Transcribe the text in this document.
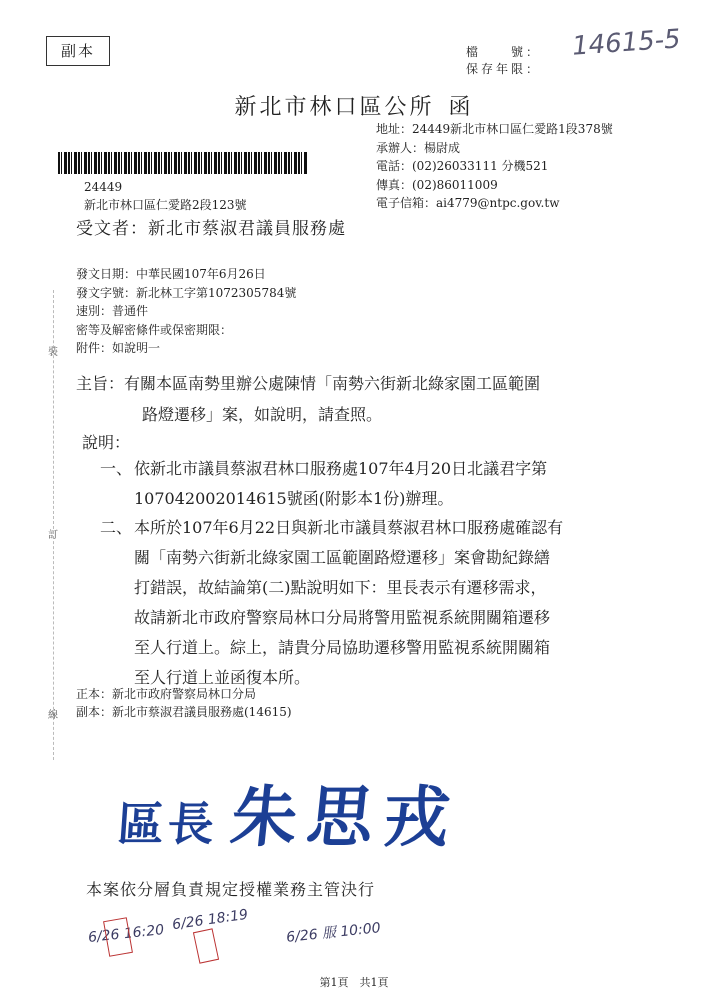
副本	檔　　號：
保存年限：
14615-5
新北市林口區公所 函
地址：24449新北市林口區仁愛路1段378號
承辦人：楊尉成
電話：(02)26033111 分機521
傳真：(02)86011009
電子信箱：ai4779@ntpc.gov.tw
24449
新北市林口區仁愛路2段123號
受文者：新北市蔡淑君議員服務處
發文日期：中華民國107年6月26日
發文字號：新北林工字第1072305784號
速別：普通件
密等及解密條件或保密期限：
附件：如說明一
裝
訂
線
主旨：有關本區南勢里辦公處陳情「南勢六街新北綠家園工區範圍
路燈遷移」案，如說明，請查照。
說明：
一、 依新北市議員蔡淑君林口服務處107年4月20日北議君字第
107042002014615號函(附影本1份)辦理。
二、 本所於107年6月22日與新北市議員蔡淑君林口服務處確認有
關「南勢六街新北綠家園工區範圍路燈遷移」案會勘紀錄繕
打錯誤，故結論第(二)點說明如下：里長表示有遷移需求，
故請新北市政府警察局林口分局將警用監視系統開關箱遷移
至人行道上。綜上，請貴分局協助遷移警用監視系統開關箱
至人行道上並函復本所。
正本：新北市政府警察局林口分局
副本：新北市蔡淑君議員服務處(14615)
區長 朱思戎
本案依分層負責規定授權業務主管決行
6/26 16:20
6/26 18:19	6/26 服 10:00
第1頁　共1頁
